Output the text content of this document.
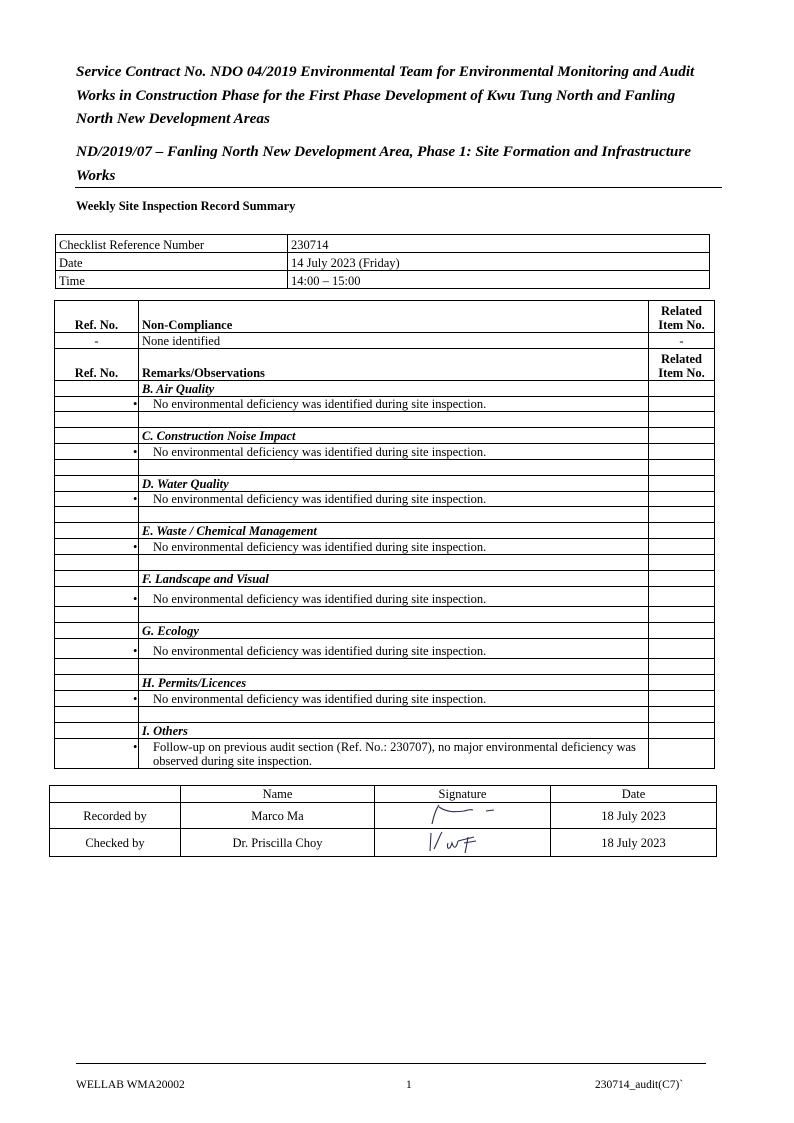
Service Contract No. NDO 04/2019 Environmental Team for Environmental Monitoring and Audit Works in Construction Phase for the First Phase Development of Kwu Tung North and Fanling North New Development Areas
ND/2019/07 – Fanling North New Development Area, Phase 1: Site Formation and Infrastructure Works
Weekly Site Inspection Record Summary
Checklist Reference Number	230714
Date	14 July 2023 (Friday)
Time	14:00 – 15:00
Ref. No.	Non-Compliance	Related
Item No.
-	None identified	-
Ref. No.	Remarks/Observations	Related
Item No.
	B. Air Quality	
	• No environmental deficiency was identified during site inspection.	

	C. Construction Noise Impact	
	• No environmental deficiency was identified during site inspection.	

	D. Water Quality	
	• No environmental deficiency was identified during site inspection.	

	E. Waste / Chemical Management	
	• No environmental deficiency was identified during site inspection.	

	F. Landscape and Visual	
	• No environmental deficiency was identified during site inspection.	

	G. Ecology	
	• No environmental deficiency was identified during site inspection.	

	H. Permits/Licences	
	• No environmental deficiency was identified during site inspection.	

	I. Others	
	• Follow-up on previous audit section (Ref. No.: 230707), no major environmental deficiency was observed during site inspection.	
	Name	Signature	Date
Recorded by	Marco Ma		18 July 2023
Checked by	Dr. Priscilla Choy		18 July 2023
WELLAB WMA20002	1	230714_audit(C7)`
